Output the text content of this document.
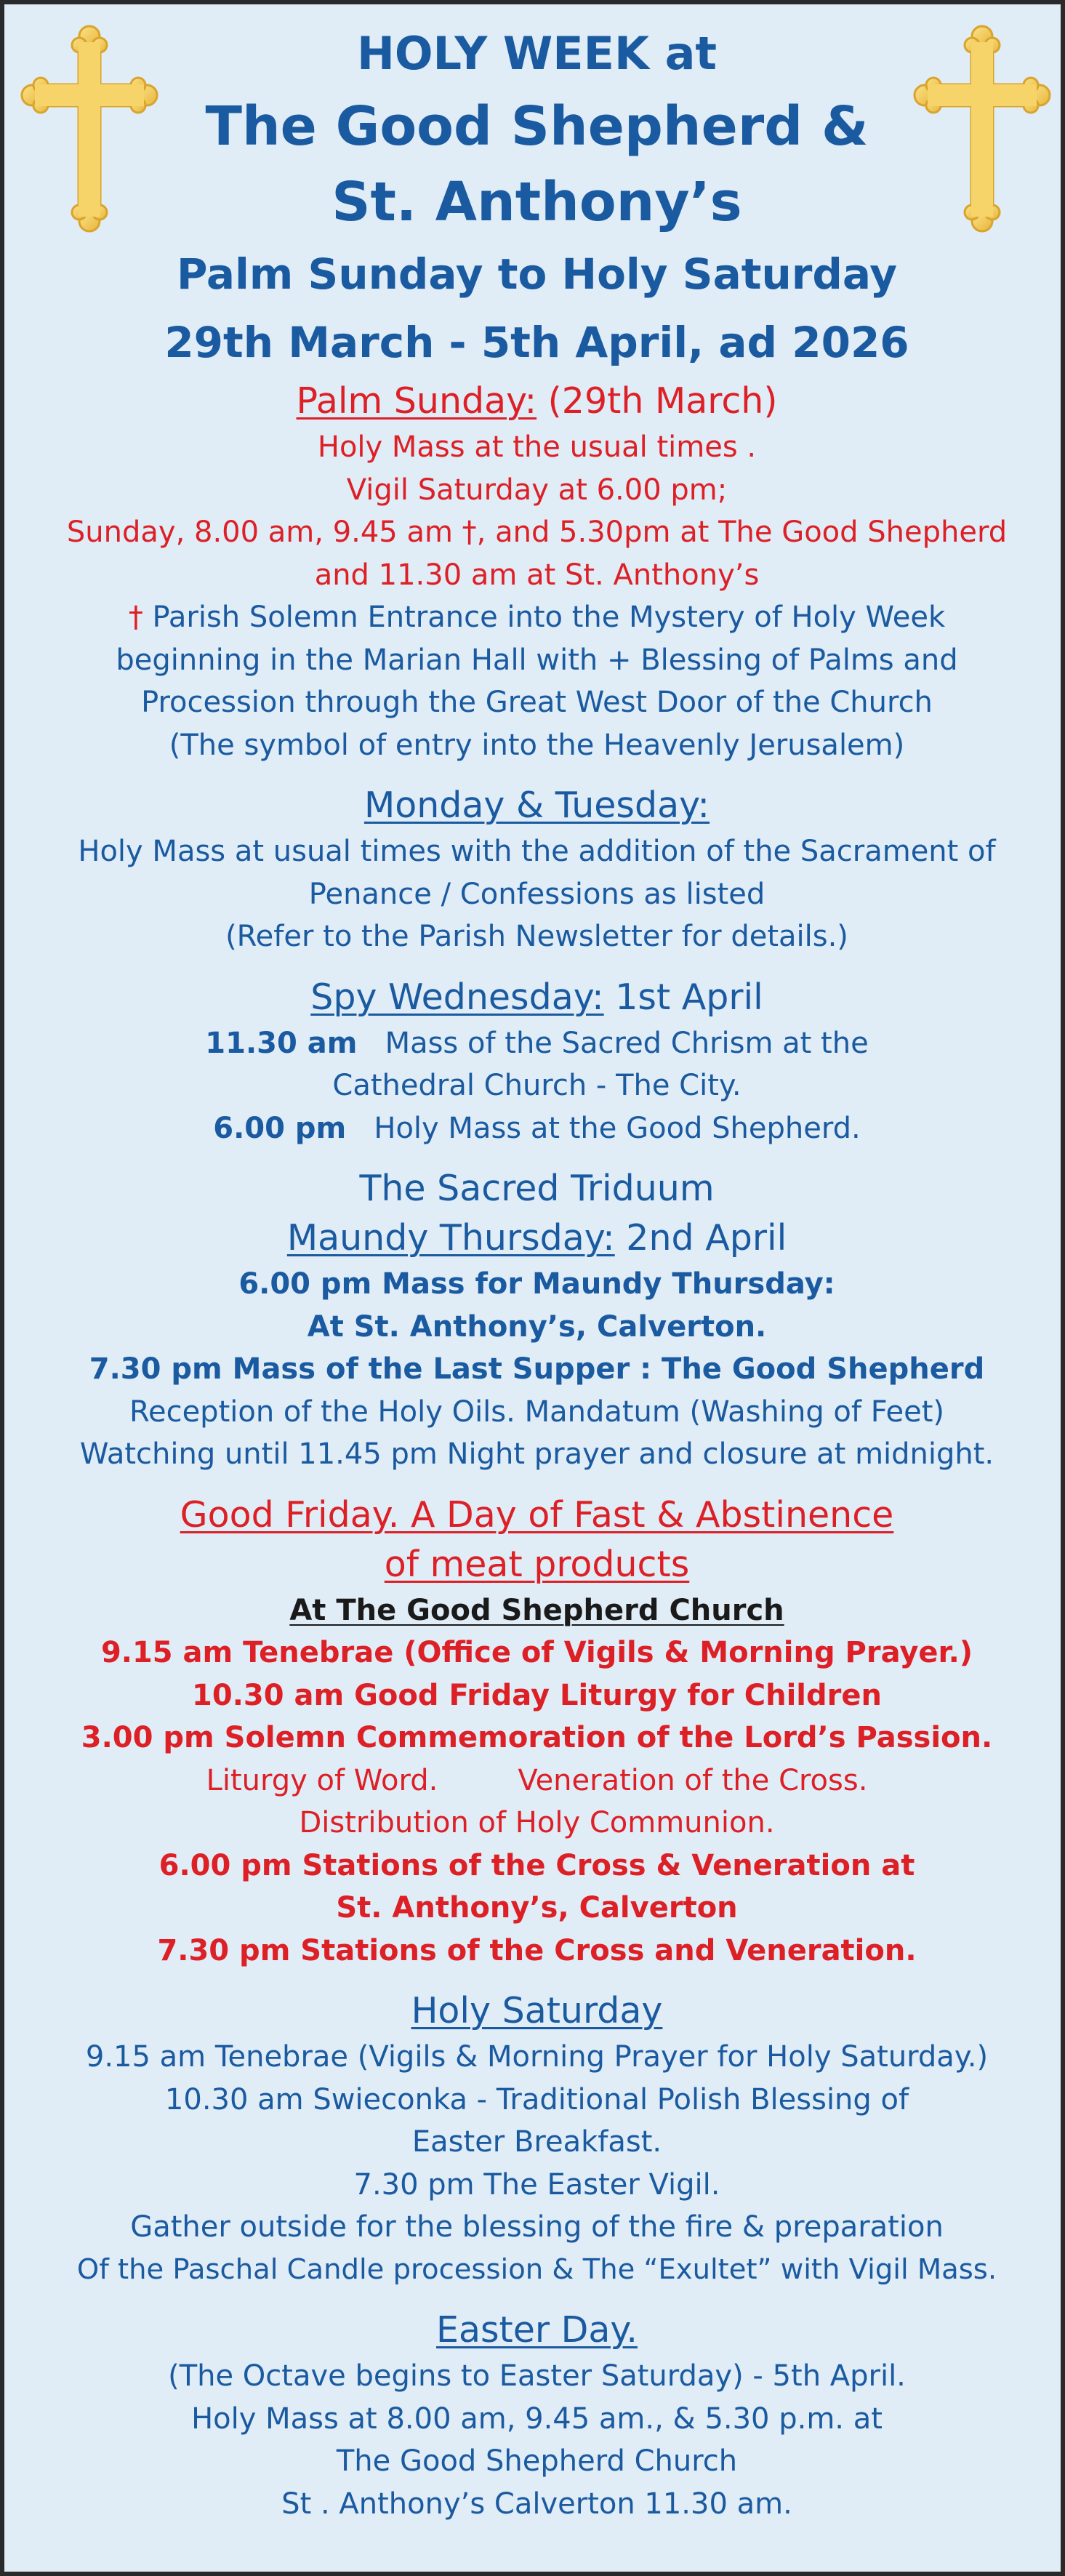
HOLY WEEK at
The Good Shepherd &
St. Anthony’s
Palm Sunday to Holy Saturday
29th March - 5th April, ad 2026
Palm Sunday: (29th March)
Holy Mass at the usual times .
Vigil Saturday at 6.00 pm;
Sunday, 8.00 am, 9.45 am †, and 5.30pm at The Good Shepherd
and 11.30 am at St. Anthony’s
† Parish Solemn Entrance into the Mystery of Holy Week
beginning in the Marian Hall with + Blessing of Palms and
Procession through the Great West Door of the Church
(The symbol of entry into the Heavenly Jerusalem)
Monday & Tuesday:
Holy Mass at usual times with the addition of the Sacrament of
Penance / Confessions as listed
(Refer to the Parish Newsletter for details.)
Spy Wednesday: 1st April
11.30 am   Mass of the Sacred Chrism at the
Cathedral Church - The City.
6.00 pm   Holy Mass at the Good Shepherd.
The Sacred Triduum
Maundy Thursday: 2nd April
6.00 pm Mass for Maundy Thursday:
At St. Anthony’s, Calverton.
7.30 pm Mass of the Last Supper : The Good Shepherd
Reception of the Holy Oils. Mandatum (Washing of Feet)
Watching until 11.45 pm Night prayer and closure at midnight.
Good Friday. A Day of Fast & Abstinence
of meat products
At The Good Shepherd Church
9.15 am Tenebrae (Office of Vigils & Morning Prayer.)
10.30 am Good Friday Liturgy for Children
3.00 pm Solemn Commemoration of the Lord’s Passion.
Liturgy of Word.	Veneration of the Cross.
Distribution of Holy Communion.
6.00 pm Stations of the Cross & Veneration at
St. Anthony’s, Calverton
7.30 pm Stations of the Cross and Veneration.
Holy Saturday
9.15 am Tenebrae (Vigils & Morning Prayer for Holy Saturday.)
10.30 am Swieconka - Traditional Polish Blessing of
Easter Breakfast.
7.30 pm The Easter Vigil.
Gather outside for the blessing of the fire & preparation
Of the Paschal Candle procession & The “Exultet” with Vigil Mass.
Easter Day.
(The Octave begins to Easter Saturday) - 5th April.
Holy Mass at 8.00 am, 9.45 am., & 5.30 p.m. at
The Good Shepherd Church
St . Anthony’s Calverton 11.30 am.
